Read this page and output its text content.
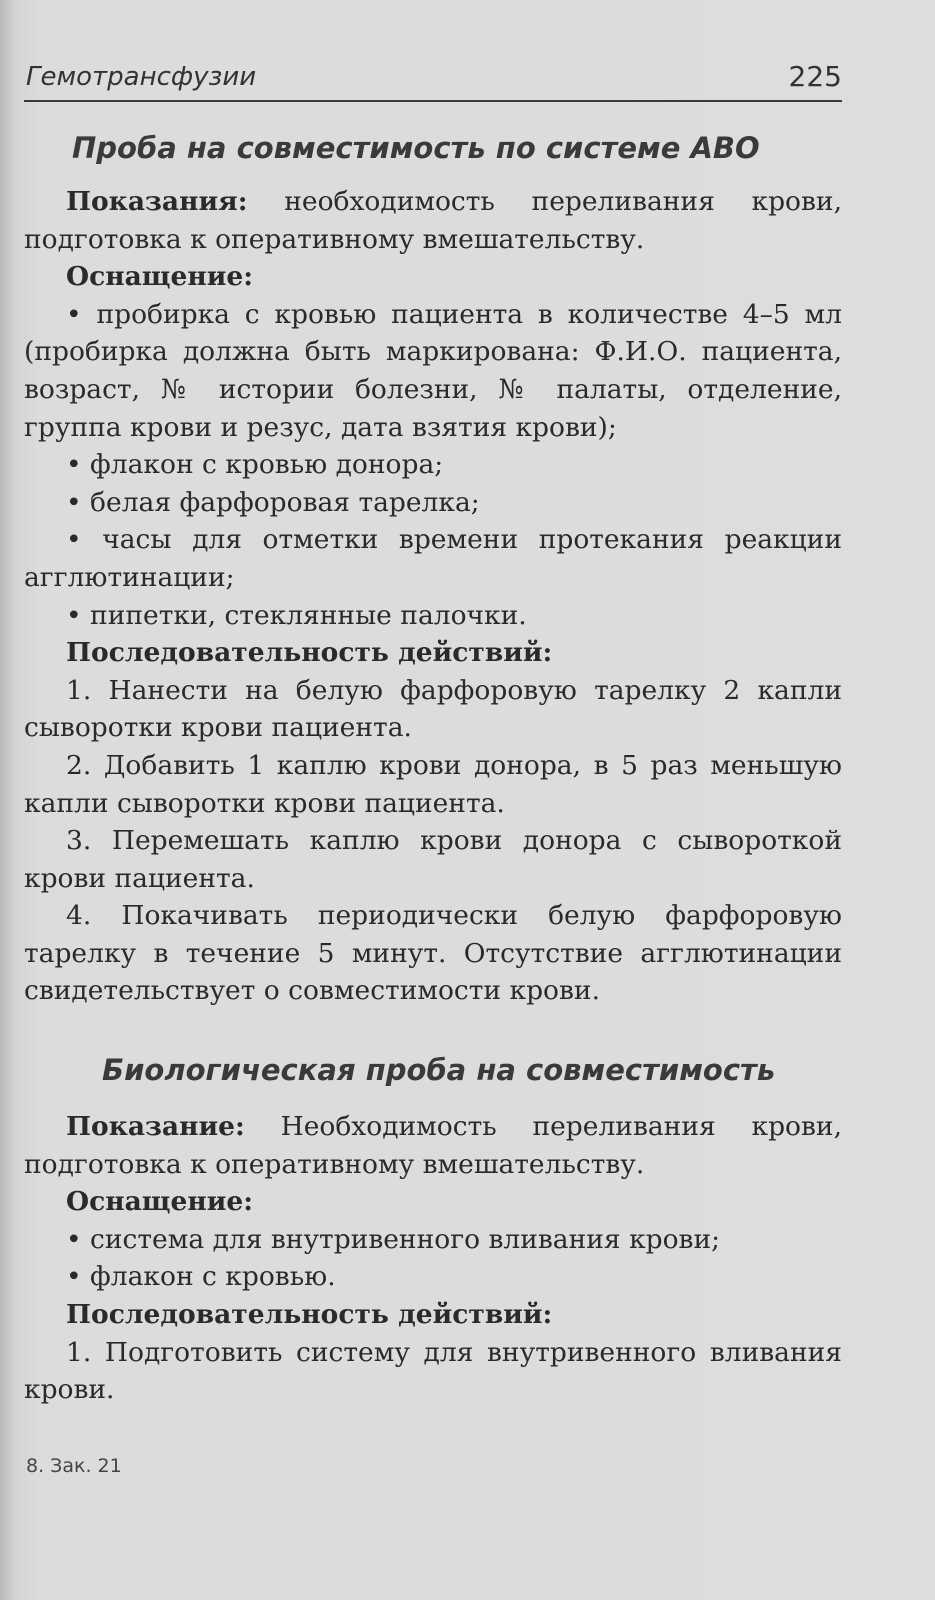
Гемотрансфузии	225
Проба на совместимость по системе АВО

Показания: необходимость переливания крови, подготовка к оперативному вмешательству.

Оснащение:

• пробирка с кровью пациента в количестве 4–5 мл (пробирка должна быть маркирована: Ф.И.О. пациента, возраст, № истории болезни, № палаты, отделение, группа крови и резус, дата взятия крови);

• флакон с кровью донора;

• белая фарфоровая тарелка;

• часы для отметки времени протекания реакции агглютинации;

• пипетки, стеклянные палочки.

Последовательность действий:

1. Нанести на белую фарфоровую тарелку 2 капли сыворотки крови пациента.

2. Добавить 1 каплю крови донора, в 5 раз меньшую капли сыворотки крови пациента.

3. Перемешать каплю крови донора с сывороткой крови пациента.

4. Покачивать периодически белую фарфоровую тарелку в течение 5 минут. Отсутствие агглютинации свидетельствует о совместимости крови.

Биологическая проба на совместимость

Показание: Необходимость переливания крови, подготовка к оперативному вмешательству.

Оснащение:

• система для внутривенного вливания крови;

• флакон с кровью.

Последовательность действий:

1. Подготовить систему для внутривенного вливания крови.

8. Зак. 21
